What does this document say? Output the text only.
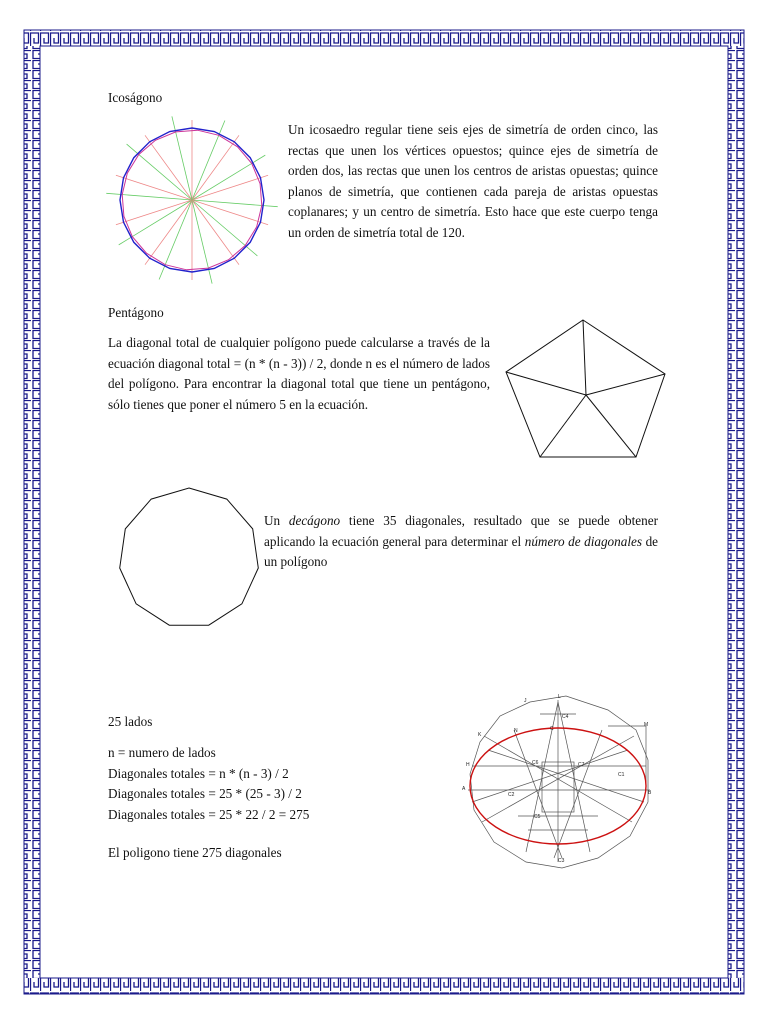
Icoságono
Un icosaedro regular tiene seis ejes de simetría de orden cinco, las rectas que unen los vértices opuestos; quince ejes de simetría de orden dos, las rectas que unen los centros de aristas opuestas; quince planos de simetría, que contienen cada pareja de aristas opuestas coplanares; y un centro de simetría. Esto hace que este cuerpo tenga un orden de simetría total de 120.
Pentágono
La diagonal total de cualquier polígono puede calcularse a través de la ecuación diagonal total = (n * (n - 3)) / 2, donde n es el número de lados del polígono. Para encontrar la diagonal total que tiene un pentágono, sólo tienes que poner el número 5 en la ecuación.
Un decágono tiene 35 diagonales, resultado que se puede obtener aplicando la ecuación general para determinar el número de diagonales de un polígono
25 lados
n = numero de lados
Diagonales totales = n * (n - 3) / 2
Diagonales totales = 25 * (25 - 3) / 2
Diagonales totales = 25 * 22 / 2 = 275
El poligono tiene 275 diagonales
J
L
C4
K
N	C
M
C6	C7
H
C1
A
C2	B
C5
C3
